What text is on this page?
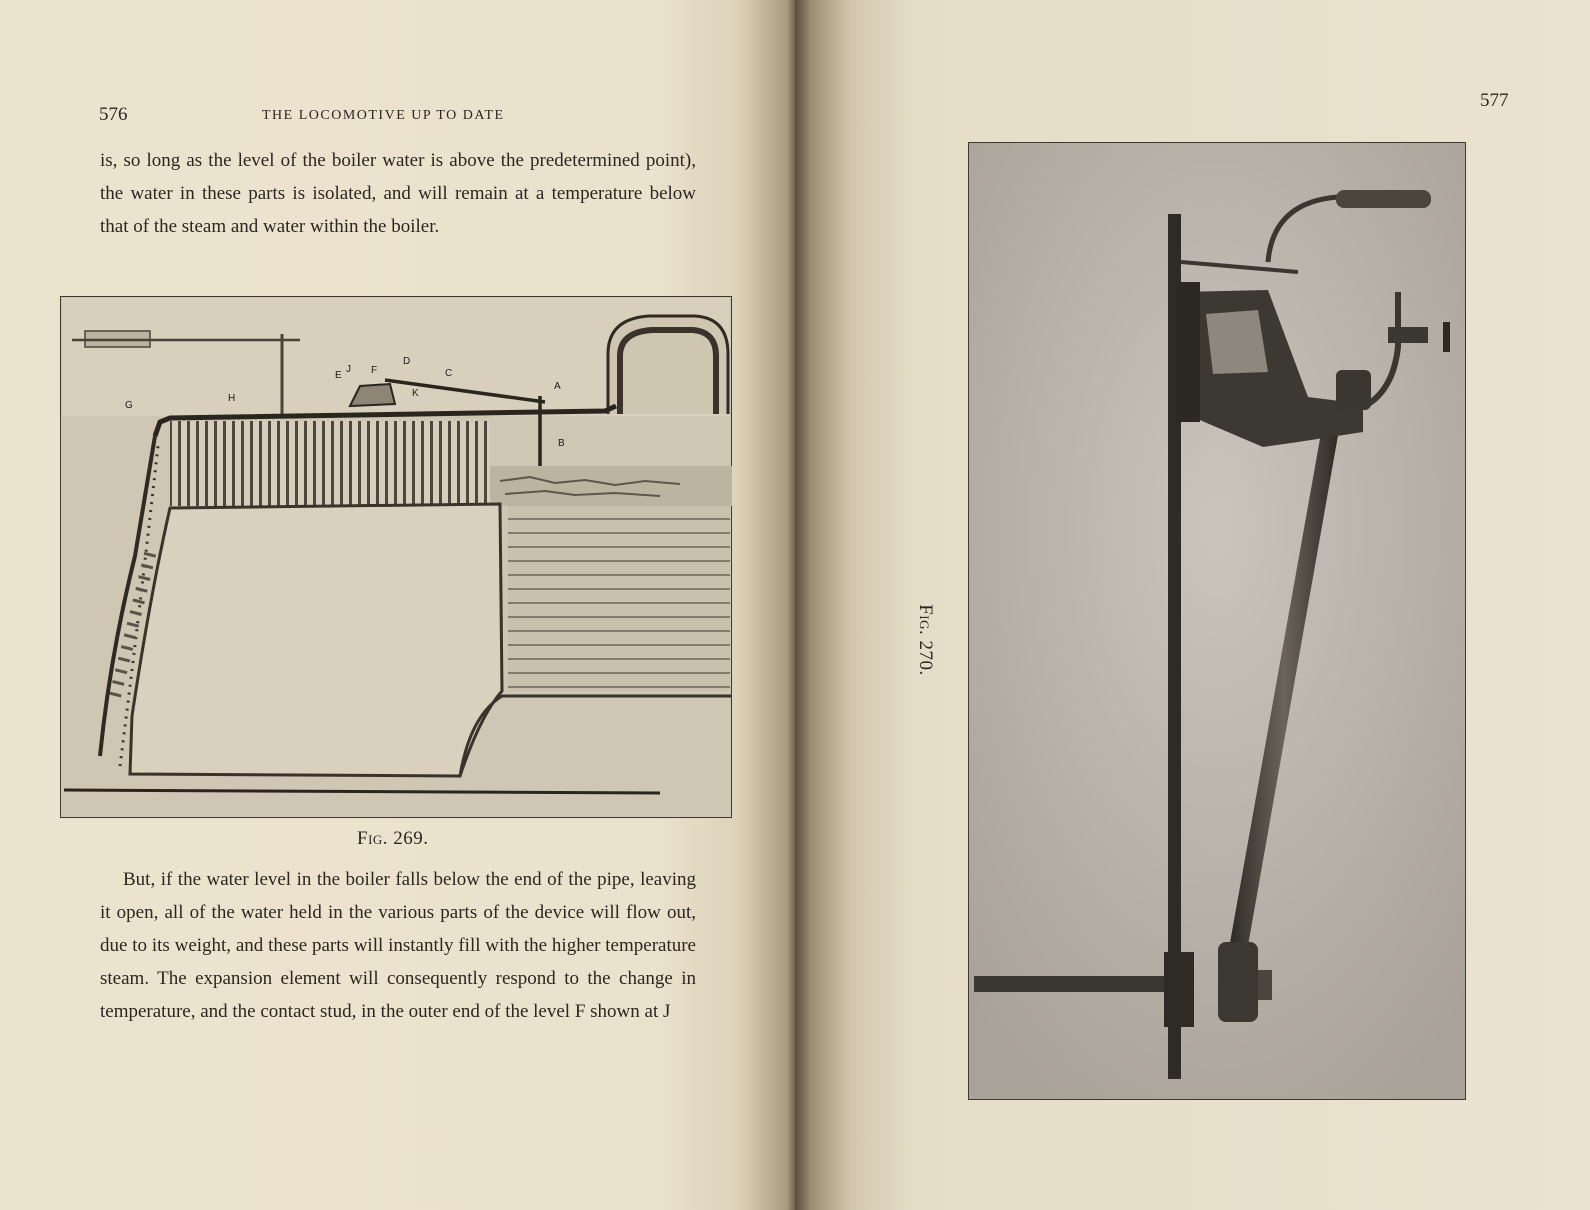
576	THE LOCOMOTIVE UP TO DATE

is, so long as the level of the boiler water is above the predetermined point), the water in these parts is isolated, and will remain at a temperature below that of the steam and water within the boiler.

G
H
E
J F
D
C
K
A
B
Fig. 269.

But, if the water level in the boiler falls below the end of the pipe, leaving it open, all of the water held in the various parts of the device will flow out, due to its weight, and these parts will instantly fill with the higher temperature steam. The expansion element will consequently respond to the change in temperature, and the contact stud, in the outer end of the level F shown at J

577
Fig. 270.
